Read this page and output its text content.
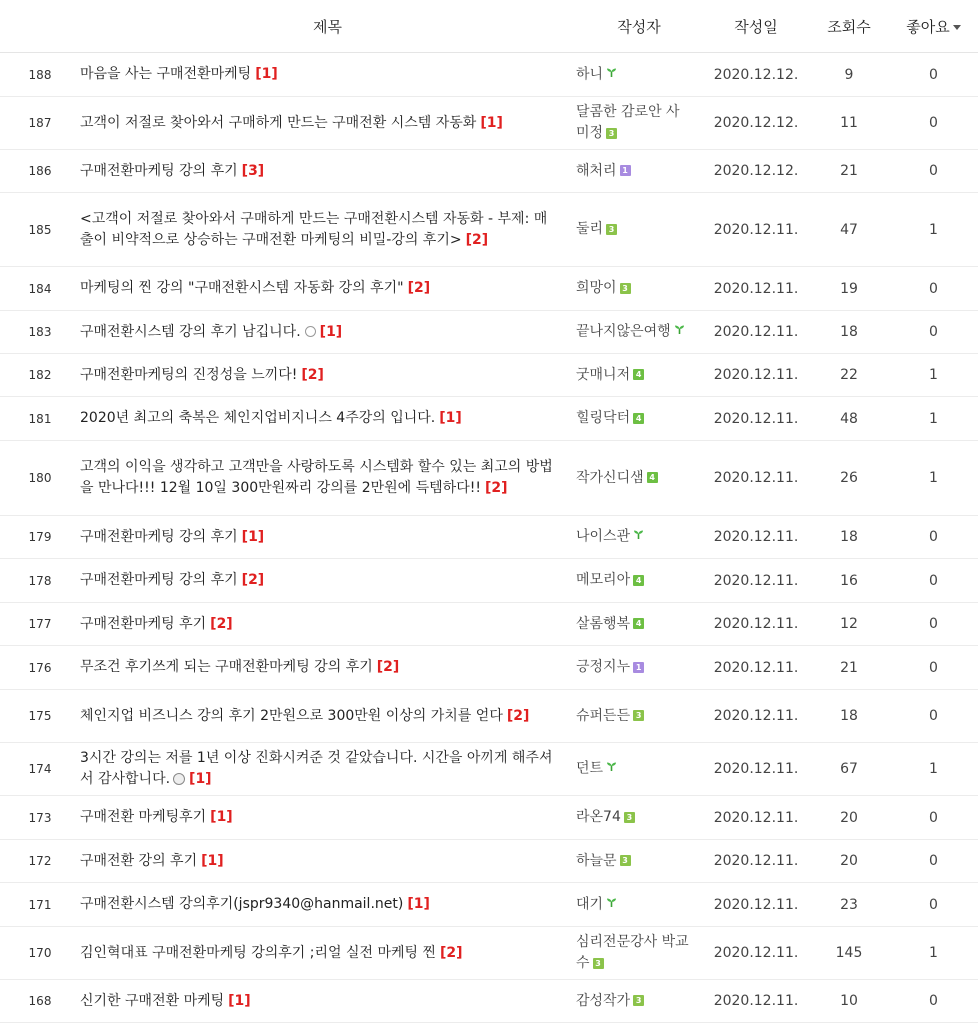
	제목	작성자	작성일	조회수	좋아요
188	마음을 사는 구매전환마케팅 [1]	하니	2020.12.12.	9	0
187	고객이 저절로 찾아와서 구매하게 만드는 구매전환 시스템 자동화 [1]	달콤한 감로안 사미정 3	2020.12.12.	11	0
186	구매전환마케팅 강의 후기 [3]	해처리 1	2020.12.12.	21	0
185	<고객이 저절로 찾아와서 구매하게 만드는 구매전환시스템 자동화 - 부제: 매출이 비약적으로 상승하는 구매전환 마케팅의 비밀-강의 후기> [2]	둘리 3	2020.12.11.	47	1
184	마케팅의 찐 강의 "구매전환시스템 자동화 강의 후기" [2]	희망이 3	2020.12.11.	19	0
183	구매전환시스템 강의 후기 남깁니다. [1]	끝나지않은여행	2020.12.11.	18	0
182	구매전환마케팅의 진정성을 느끼다! [2]	굿매니저 4	2020.12.11.	22	1
181	2020년 최고의 축복은 체인지업비지니스 4주강의 입니다. [1]	힐링닥터 4	2020.12.11.	48	1
180	고객의 이익을 생각하고 고객만을 사랑하도록 시스템화 할수 있는 최고의 방법을 만나다!!! 12월 10일 300만원짜리 강의를 2만원에 득템하다!! [2]	작가신디샘 4	2020.12.11.	26	1
179	구매전환마케팅 강의 후기 [1]	나이스관	2020.12.11.	18	0
178	구매전환마케팅 강의 후기 [2]	메모리아 4	2020.12.11.	16	0
177	구매전환마케팅 후기 [2]	살롬행복 4	2020.12.11.	12	0
176	무조건 후기쓰게 되는 구매전환마케팅 강의 후기 [2]	긍정지누 1	2020.12.11.	21	0
175	체인지업 비즈니스 강의 후기 2만원으로 300만원 이상의 가치를 얻다 [2]	슈퍼든든 3	2020.12.11.	18	0
174	3시간 강의는 저를 1년 이상 진화시켜준 것 같았습니다. 시간을 아끼게 해주셔서 감사합니다. [1]	던트	2020.12.11.	67	1
173	구매전환 마케팅후기 [1]	라온74 3	2020.12.11.	20	0
172	구매전환 강의 후기 [1]	하늘문 3	2020.12.11.	20	0
171	구매전환시스템 강의후기(jspr9340@hanmail.net) [1]	대기	2020.12.11.	23	0
170	김인혁대표 구매전환마케팅 강의후기 ;리얼 실전 마케팅 찐 [2]	심리전문강사 박교수 3	2020.12.11.	145	1
168	신기한 구매전환 마케팅 [1]	감성작가 3	2020.12.11.	10	0
